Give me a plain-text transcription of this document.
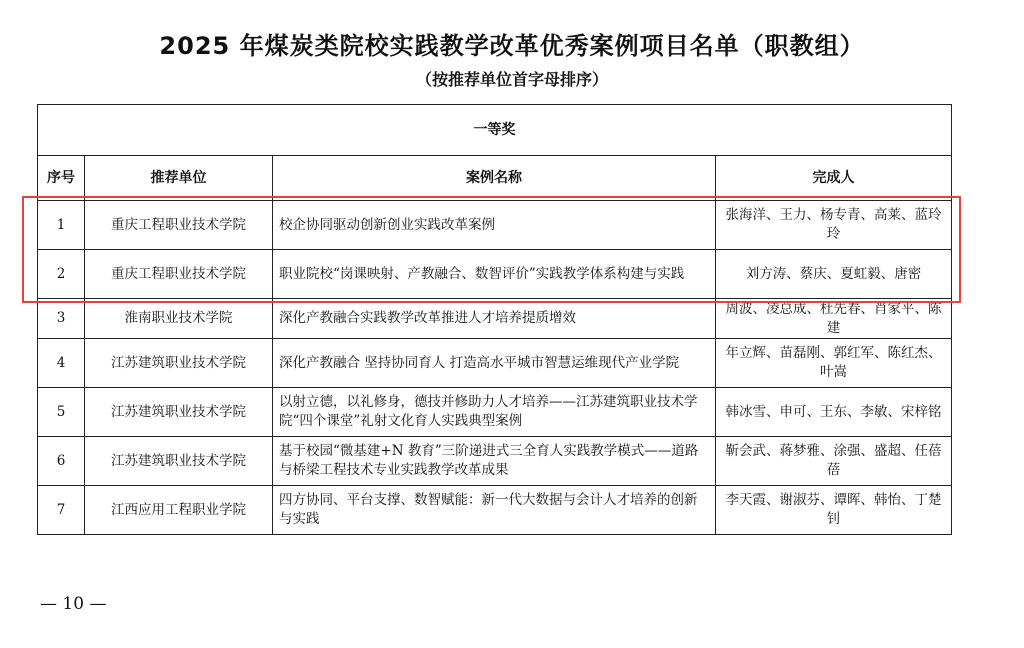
2025 年煤炭类院校实践教学改革优秀案例项目名单（职教组）
（按推荐单位首字母排序）
一等奖			
序号	推荐单位	案例名称	完成人
1	重庆工程职业技术学院	校企协同驱动创新创业实践改革案例	张海洋、王力、杨专青、高莱、蓝玲玲
2	重庆工程职业技术学院	职业院校“岗课映射、产教融合、数智评价”实践教学体系构建与实践	刘方涛、蔡庆、夏虹毅、唐密
3	淮南职业技术学院	深化产教融合实践教学改革推进人才培养提质增效	周波、凌总成、杜先春、肖家平、陈建
4	江苏建筑职业技术学院	深化产教融合 坚持协同育人 打造高水平城市智慧运维现代产业学院	年立辉、苗磊刚、郭红军、陈红杰、叶嵩
5	江苏建筑职业技术学院	以射立德，以礼修身，德技并修助力人才培养——江苏建筑职业技术学院“四个课堂”礼射文化育人实践典型案例	韩冰雪、申可、王东、李敏、宋梓铭
6	江苏建筑职业技术学院	基于校园“微基建+N 教育”三阶递进式三全育人实践教学模式——道路与桥梁工程技术专业实践教学改革成果	靳会武、蒋梦雅、涂强、盛超、任蓓蓓
7	江西应用工程职业学院	四方协同、平台支撑、数智赋能：新一代大数据与会计人才培养的创新与实践	李天霞、谢淑芬、谭晖、韩怡、丁楚钊
— 10 —
